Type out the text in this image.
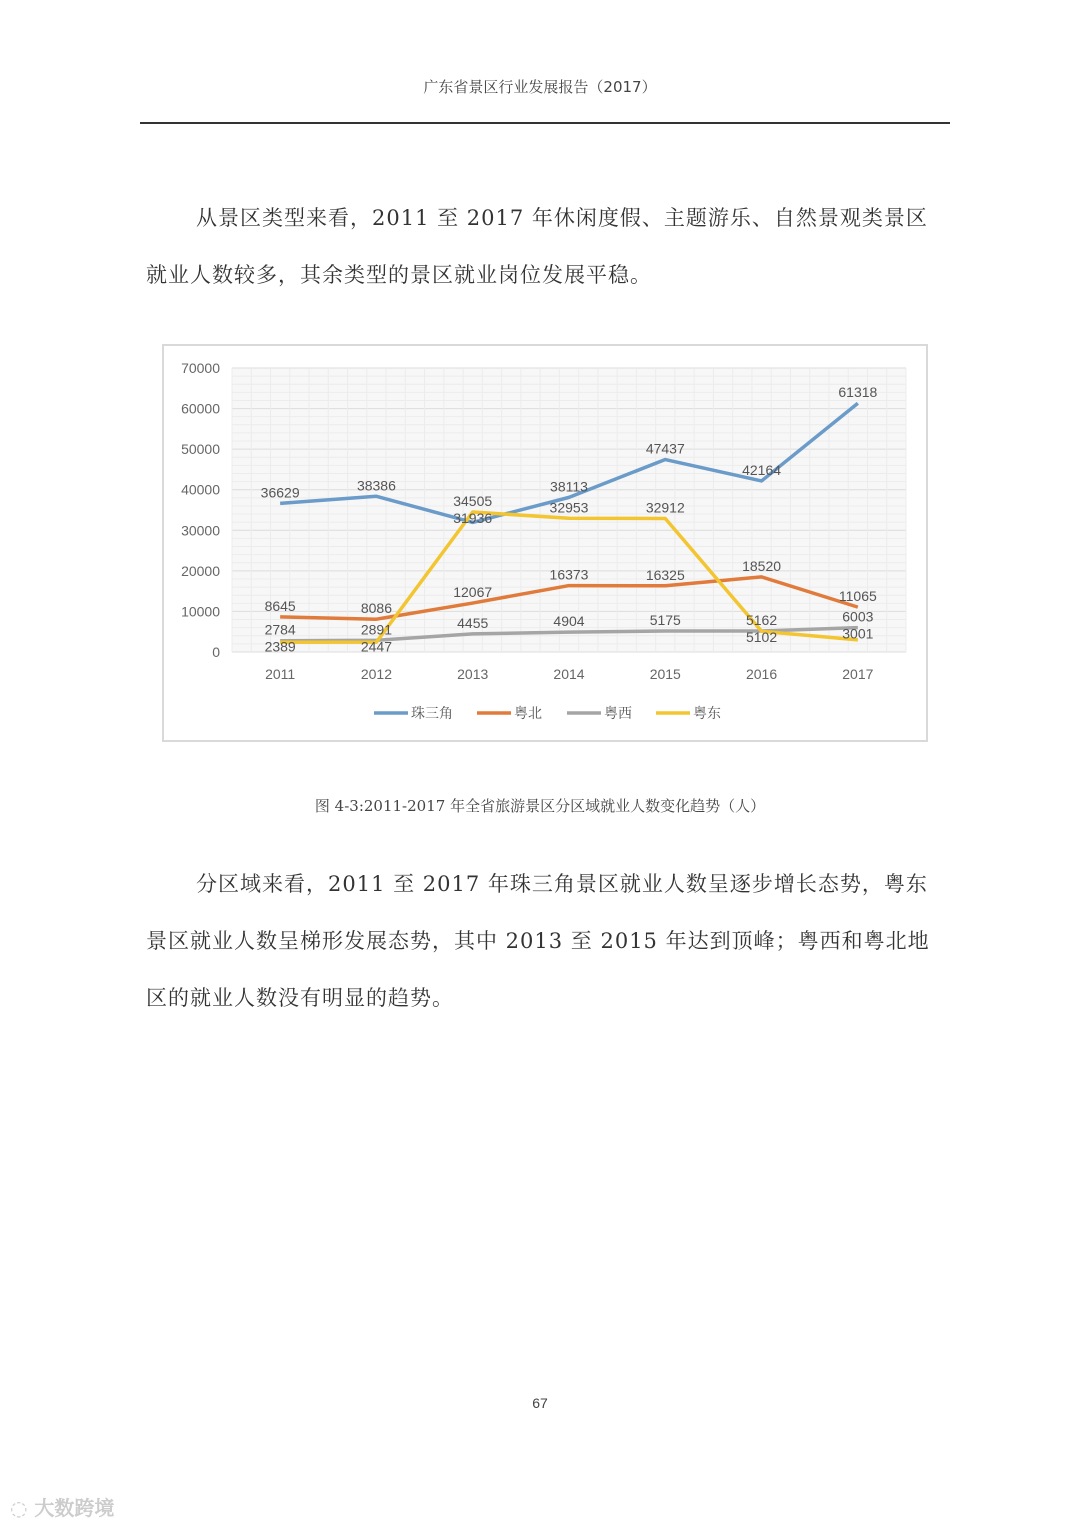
广东省景区行业发展报告（2017）
从景区类型来看，2011 至 2017 年休闲度假、主题游乐、自然景观类景区就业人数较多，其余类型的景区就业岗位发展平稳。
0
10000
20000
30000
40000
50000
60000
70000
2011	2012	2013	2014	2015	2016	2017
36629
8645
2784
2389
38386
8086
2891
2447
34505
31936
12067
4455
38113
32953
16373
4904
47437
32912
16325
5175
42164
18520
5162
5102
61318
11065
6003
3001
珠三角	粤北	粤西	粤东
图 4-3:2011-2017 年全省旅游景区分区域就业人数变化趋势（人）
分区域来看，2011 至 2017 年珠三角景区就业人数呈逐步增长态势，粤东景区就业人数呈梯形发展态势，其中 2013 至 2015 年达到顶峰；粤西和粤北地区的就业人数没有明显的趋势。
67
◌ 大数跨境
